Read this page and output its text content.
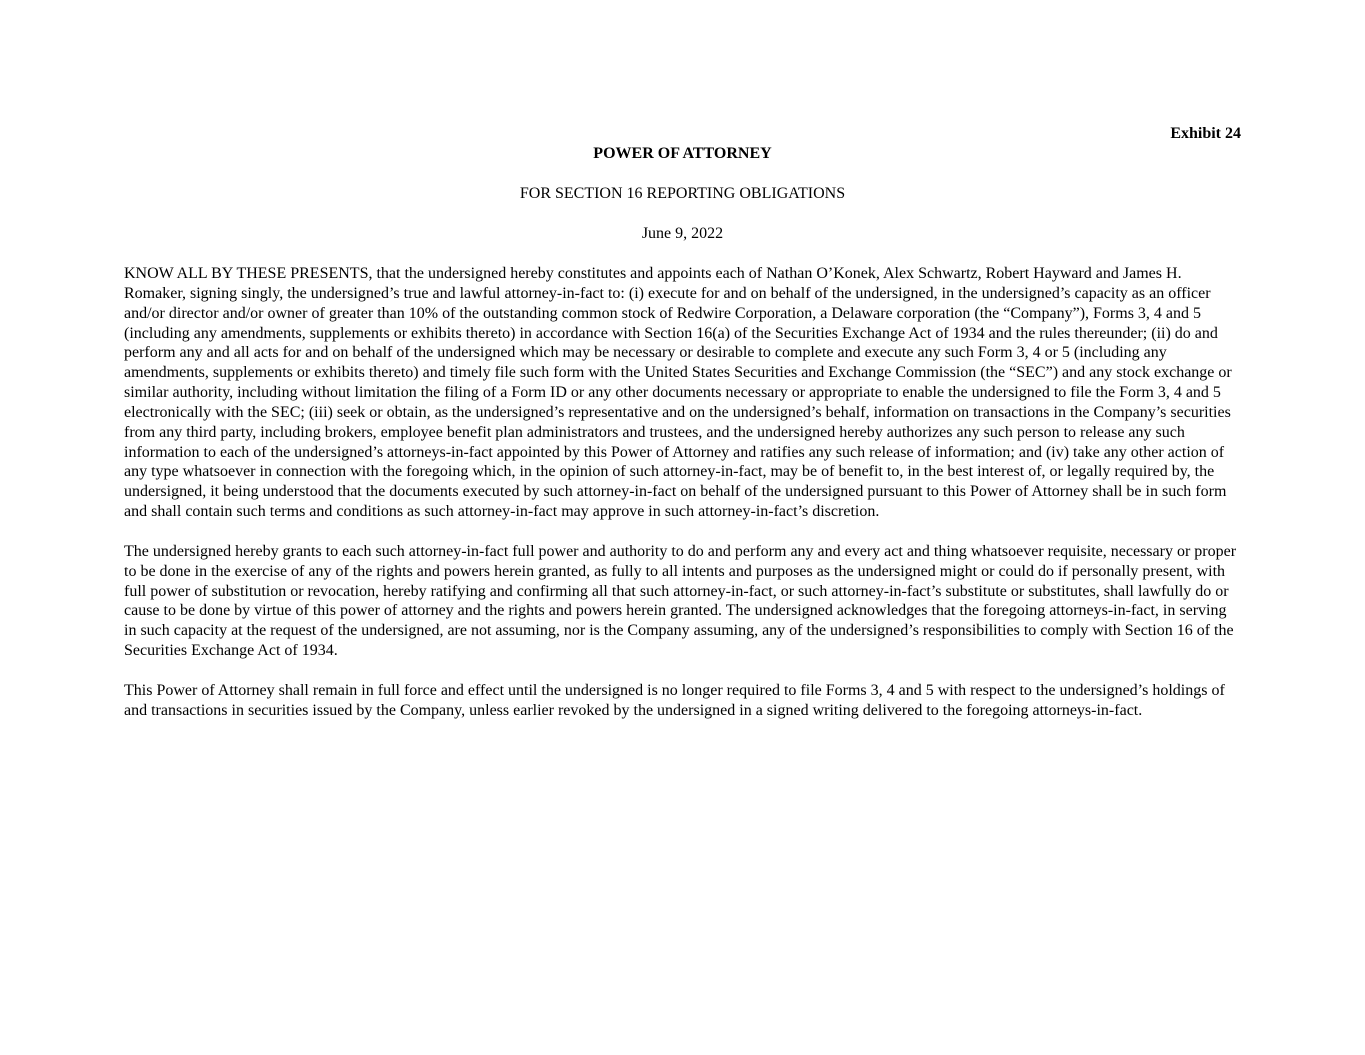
Exhibit 24

POWER OF ATTORNEY

FOR SECTION 16 REPORTING OBLIGATIONS

June 9, 2022

KNOW ALL BY THESE PRESENTS, that the undersigned hereby constitutes and appoints each of Nathan O’Konek, Alex Schwartz, Robert Hayward and James H. Romaker, signing singly, the undersigned’s true and lawful attorney-in-fact to: (i) execute for and on behalf of the undersigned, in the undersigned’s capacity as an officer and/or director and/or owner of greater than 10% of the outstanding common stock of Redwire Corporation, a Delaware corporation (the “Company”), Forms 3, 4 and 5 (including any amendments, supplements or exhibits thereto) in accordance with Section 16(a) of the Securities Exchange Act of 1934 and the rules thereunder; (ii) do and perform any and all acts for and on behalf of the undersigned which may be necessary or desirable to complete and execute any such Form 3, 4 or 5 (including any amendments, supplements or exhibits thereto) and timely file such form with the United States Securities and Exchange Commission (the “SEC”) and any stock exchange or similar authority, including without limitation the filing of a Form ID or any other documents necessary or appropriate to enable the undersigned to file the Form 3, 4 and 5 electronically with the SEC; (iii) seek or obtain, as the undersigned’s representative and on the undersigned’s behalf, information on transactions in the Company’s securities from any third party, including brokers, employee benefit plan administrators and trustees, and the undersigned hereby authorizes any such person to release any such information to each of the undersigned’s attorneys-in-fact appointed by this Power of Attorney and ratifies any such release of information; and (iv) take any other action of any type whatsoever in connection with the foregoing which, in the opinion of such attorney-in-fact, may be of benefit to, in the best interest of, or legally required by, the undersigned, it being understood that the documents executed by such attorney-in-fact on behalf of the undersigned pursuant to this Power of Attorney shall be in such form and shall contain such terms and conditions as such attorney-in-fact may approve in such attorney-in-fact’s discretion.

The undersigned hereby grants to each such attorney-in-fact full power and authority to do and perform any and every act and thing whatsoever requisite, necessary or proper to be done in the exercise of any of the rights and powers herein granted, as fully to all intents and purposes as the undersigned might or could do if personally present, with full power of substitution or revocation, hereby ratifying and confirming all that such attorney-in-fact, or such attorney-in-fact’s substitute or substitutes, shall lawfully do or cause to be done by virtue of this power of attorney and the rights and powers herein granted. The undersigned acknowledges that the foregoing attorneys-in-fact, in serving in such capacity at the request of the undersigned, are not assuming, nor is the Company assuming, any of the undersigned’s responsibilities to comply with Section 16 of the Securities Exchange Act of 1934.

This Power of Attorney shall remain in full force and effect until the undersigned is no longer required to file Forms 3, 4 and 5 with respect to the undersigned’s holdings of and transactions in securities issued by the Company, unless earlier revoked by the undersigned in a signed writing delivered to the foregoing attorneys-in-fact.
